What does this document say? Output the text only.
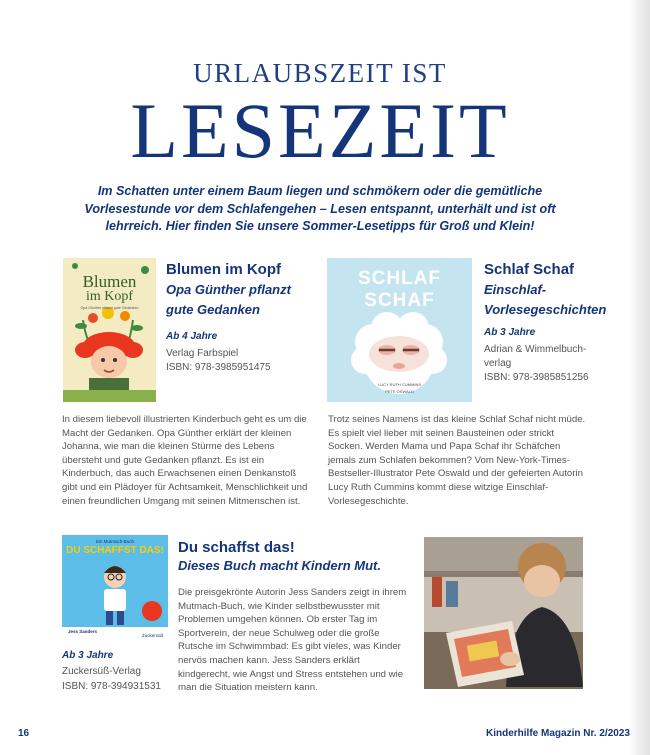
URLAUBSZEIT IST
LESEZEIT

Im Schatten unter einem Baum liegen und schmökern oder die gemütliche Vorlesestunde vor dem Schlafengehen – Lesen entspannt, unterhält und ist oft lehrreich. Hier finden Sie unsere Sommer-Lesetipps für Groß und Klein!

Blumen
im Kopf
Opa Günther pflanzt gute Gedanken
Blumen im Kopf
Opa Günther pflanzt
gute Gedanken
Ab 4 Jahre
Verlag Farbspiel
ISBN: 978-3985951475

In diesem liebevoll illustrierten Kinderbuch geht es um die Macht der Gedanken. Opa Günther erklärt der kleinen Johanna, wie man die kleinen Stürme des Lebens übersteht und gute Gedanken pflanzt. Es ist ein Kinderbuch, das auch Erwachsenen einen Denkanstoß gibt und ein Plädoyer für Achtsamkeit, Menschlichkeit und einen freundlichen Umgang mit seinen Mitmenschen ist.

SCHLAF SCHAF
LUCY RUTH CUMMINS
PETE OSWALD
Schlaf Schaf
Einschlaf-
Vorlesegeschichten
Ab 3 Jahre
Adrian & Wimmelbuch-
verlag
ISBN: 978-3985851256

Trotz seines Namens ist das kleine Schlaf Schaf nicht müde. Es spielt viel lieber mit seinen Bausteinen oder strickt Socken. Werden Mama und Papa Schaf ihr Schäfchen jemals zum Schlafen bekommen? Vom New-York-Times-Bestseller-Illustrator Pete Oswald und der gefeierten Autorin Lucy Ruth Cummins kommt diese witzige Einschlaf-Vorlesegeschichte.

Ein Mutmach-Buch
DU SCHAFFST DAS!
Jess Sanders
Zuckersüß
Ab 3 Jahre
Zuckersüß-Verlag
ISBN: 978-394931531
Du schaffst das!
Dieses Buch macht Kindern Mut.

Die preisgekrönte Autorin Jess Sanders zeigt in ihrem Mutmach-Buch, wie Kinder selbstbewusster mit Problemen umgehen können. Ob erster Tag im Sportverein, der neue Schulweg oder die große Rutsche im Schwimmbad: Es gibt vieles, was Kinder nervös machen kann. Jess Sanders erklärt kindgerecht, wie Angst und Stress entstehen und wie man die Situation meistern kann.

16	Kinderhilfe Magazin Nr. 2/2023
